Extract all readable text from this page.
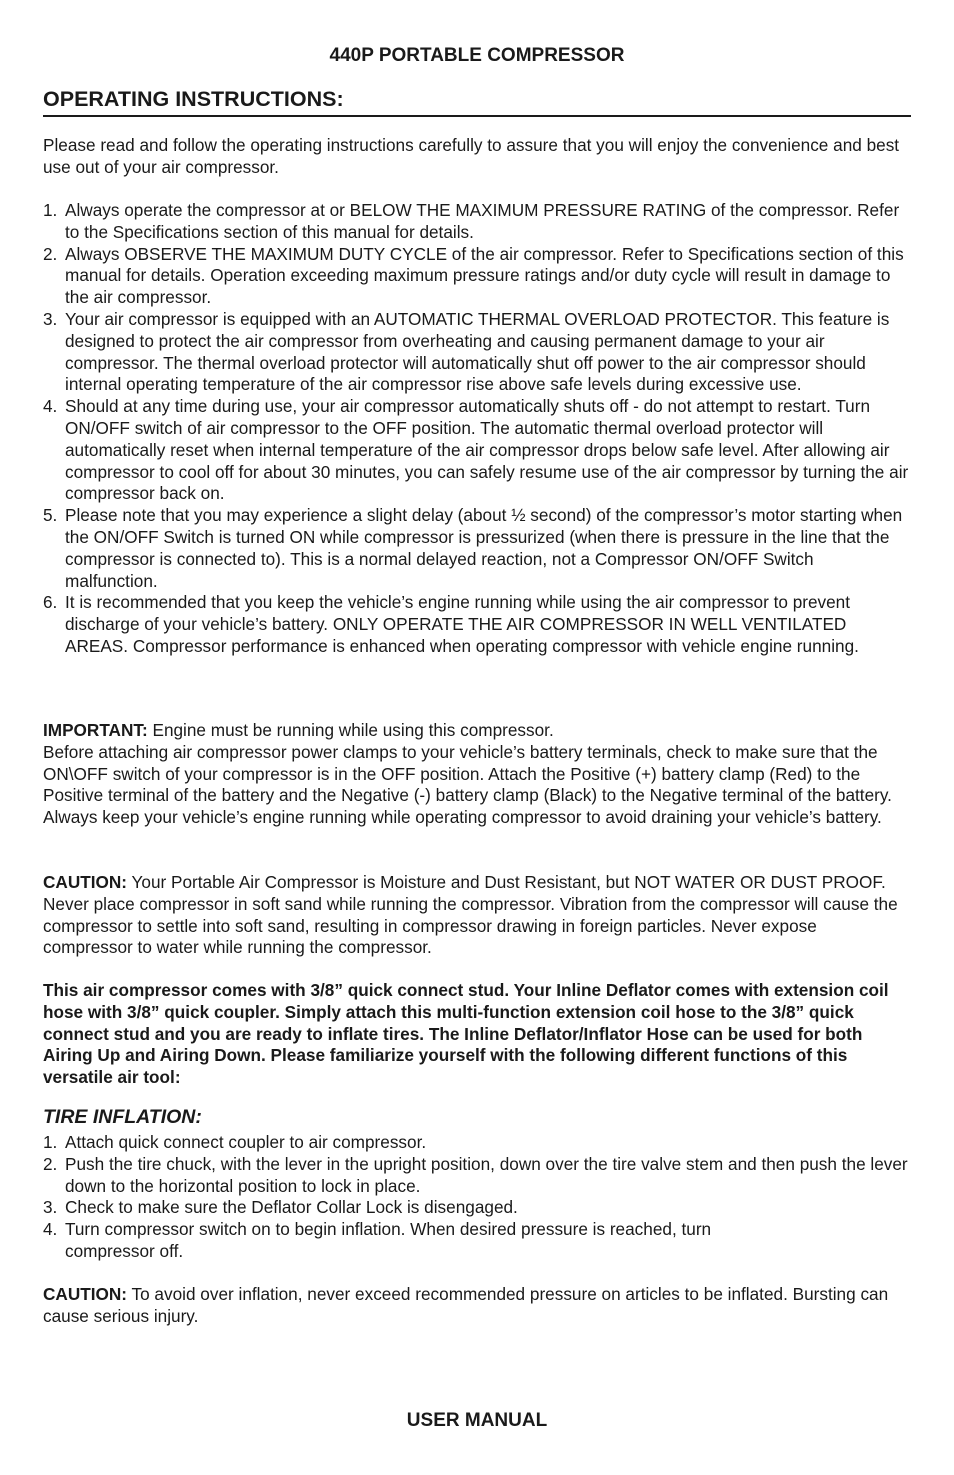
440P PORTABLE COMPRESSOR
OPERATING INSTRUCTIONS:

Please read and follow the operating instructions carefully to assure that you will enjoy the convenience and best use out of your air compressor.

1. Always operate the compressor at or BELOW THE MAXIMUM PRESSURE RATING of the compressor. Refer to the Specifications section of this manual for details.
2. Always OBSERVE THE MAXIMUM DUTY CYCLE of the air compressor. Refer to Specifications section of this manual for details. Operation exceeding maximum pressure ratings and/or duty cycle will result in damage to the air compressor.
3. Your air compressor is equipped with an AUTOMATIC THERMAL OVERLOAD PROTECTOR. This feature is designed to protect the air compressor from overheating and causing permanent damage to your air compressor. The thermal overload protector will automatically shut off power to the air compressor should internal operating temperature of the air compressor rise above safe levels during excessive use.
4. Should at any time during use, your air compressor automatically shuts off - do not attempt to restart. Turn ON/OFF switch of air compressor to the OFF position. The automatic thermal overload protector will automatically reset when internal temperature of the air compressor drops below safe level. After allowing air compressor to cool off for about 30 minutes, you can safely resume use of the air compressor by turning the air compressor back on.
5. Please note that you may experience a slight delay (about ½ second) of the compressor’s motor starting when the ON/OFF Switch is turned ON while compressor is pressurized (when there is pressure in the line that the compressor is connected to). This is a normal delayed reaction, not a Compressor ON/OFF Switch malfunction.
6. It is recommended that you keep the vehicle’s engine running while using the air compressor to prevent discharge of your vehicle’s battery. ONLY OPERATE THE AIR COMPRESSOR IN WELL VENTILATED AREAS. Compressor performance is enhanced when operating compressor with vehicle engine running.

IMPORTANT: Engine must be running while using this compressor.

Before attaching air compressor power clamps to your vehicle’s battery terminals, check to make sure that the ON\OFF switch of your compressor is in the OFF position. Attach the Positive (+) battery clamp (Red) to the Positive terminal of the battery and the Negative (-) battery clamp (Black) to the Negative terminal of the battery. Always keep your vehicle’s engine running while operating compressor to avoid draining your vehicle’s battery.

CAUTION: Your Portable Air Compressor is Moisture and Dust Resistant, but NOT WATER OR DUST PROOF. Never place compressor in soft sand while running the compressor. Vibration from the compressor will cause the compressor to settle into soft sand, resulting in compressor drawing in foreign particles. Never expose compressor to water while running the compressor.

This air compressor comes with 3/8” quick connect stud. Your Inline Deflator comes with extension coil hose with 3/8” quick coupler. Simply attach this multi-function extension coil hose to the 3/8” quick connect stud and you are ready to inflate tires. The Inline Deflator/Inflator Hose can be used for both Airing Up and Airing Down. Please familiarize yourself with the following different functions of this versatile air tool:

TIRE INFLATION:
1. Attach quick connect coupler to air compressor.
2. Push the tire chuck, with the lever in the upright position, down over the tire valve stem and then push the lever down to the horizontal position to lock in place.
3. Check to make sure the Deflator Collar Lock is disengaged.
4. Turn compressor switch on to begin inflation. When desired pressure is reached, turn compressor off.

CAUTION: To avoid over inflation, never exceed recommended pressure on articles to be inflated. Bursting can cause serious injury.

USER MANUAL
